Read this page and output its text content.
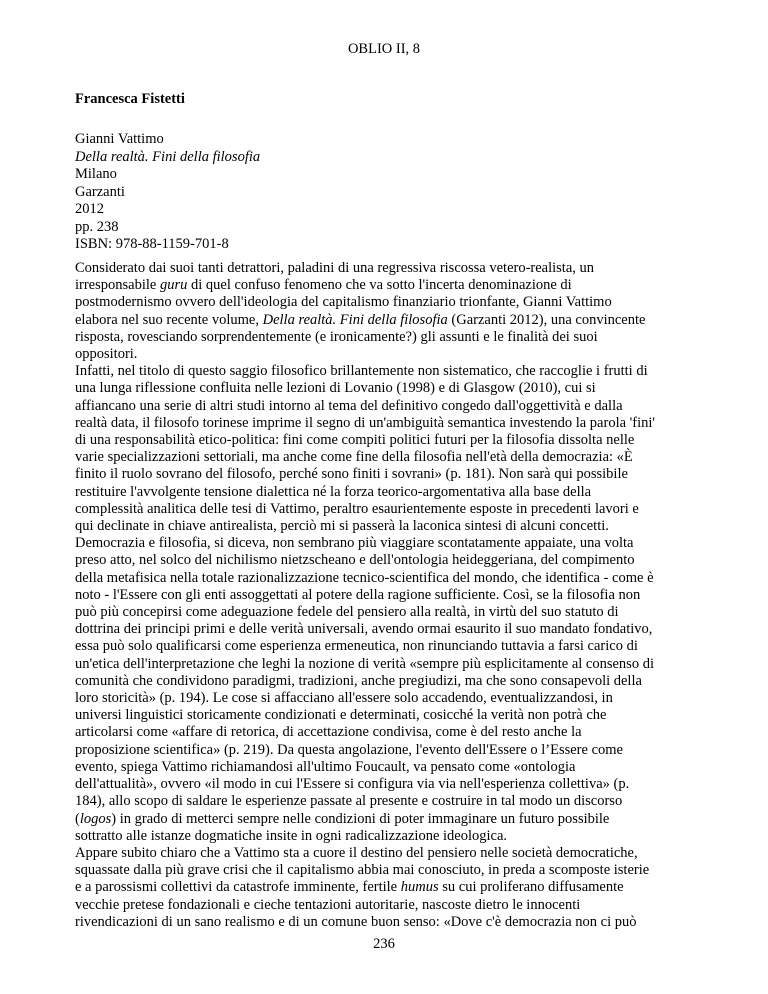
OBLIO II, 8
Francesca Fistetti
Gianni Vattimo
Della realtà. Fini della filosofia
Milano
Garzanti
2012
pp. 238
ISBN: 978-88-1159-701-8
Considerato dai suoi tanti detrattori, paladini di una regressiva riscossa vetero-realista, un
irresponsabile guru di quel confuso fenomeno che va sotto l'incerta denominazione di
postmodernismo ovvero dell'ideologia del capitalismo finanziario trionfante, Gianni Vattimo
elabora nel suo recente volume, Della realtà. Fini della filosofia (Garzanti 2012), una convincente
risposta, rovesciando sorprendentemente (e ironicamente?) gli assunti e le finalità dei suoi
oppositori.
Infatti, nel titolo di questo saggio filosofico brillantemente non sistematico, che raccoglie i frutti di
una lunga riflessione confluita nelle lezioni di Lovanio (1998) e di Glasgow (2010), cui si
affiancano una serie di altri studi intorno al tema del definitivo congedo dall'oggettività e dalla
realtà data, il filosofo torinese imprime il segno di un'ambiguità semantica investendo la parola 'fini'
di una responsabilità etico-politica: fini come compiti politici futuri per la filosofia dissolta nelle
varie specializzazioni settoriali, ma anche come fine della filosofia nell'età della democrazia: «È
finito il ruolo sovrano del filosofo, perché sono finiti i sovrani» (p. 181). Non sarà qui possibile
restituire l'avvolgente tensione dialettica né la forza teorico-argomentativa alla base della
complessità analitica delle tesi di Vattimo, peraltro esaurientemente esposte in precedenti lavori e
qui declinate in chiave antirealista, perciò mi si passerà la laconica sintesi di alcuni concetti.
Democrazia e filosofia, si diceva, non sembrano più viaggiare scontatamente appaiate, una volta
preso atto, nel solco del nichilismo nietzscheano e dell'ontologia heideggeriana, del compimento
della metafisica nella totale razionalizzazione tecnico-scientifica del mondo, che identifica - come è
noto - l'Essere con gli enti assoggettati al potere della ragione sufficiente. Così, se la filosofia non
può più concepirsi come adeguazione fedele del pensiero alla realtà, in virtù del suo statuto di
dottrina dei principi primi e delle verità universali, avendo ormai esaurito il suo mandato fondativo,
essa può solo qualificarsi come esperienza ermeneutica, non rinunciando tuttavia a farsi carico di
un'etica dell'interpretazione che leghi la nozione di verità «sempre più esplicitamente al consenso di
comunità che condividono paradigmi, tradizioni, anche pregiudizi, ma che sono consapevoli della
loro storicità» (p. 194). Le cose si affacciano all'essere solo accadendo, eventualizzandosi, in
universi linguistici storicamente condizionati e determinati, cosicché la verità non potrà che
articolarsi come «affare di retorica, di accettazione condivisa, come è del resto anche la
proposizione scientifica» (p. 219). Da questa angolazione, l'evento dell'Essere o l’Essere come
evento, spiega Vattimo richiamandosi all'ultimo Foucault, va pensato come «ontologia
dell'attualità», ovvero «il modo in cui l'Essere si configura via via nell'esperienza collettiva» (p.
184), allo scopo di saldare le esperienze passate al presente e costruire in tal modo un discorso
(logos) in grado di metterci sempre nelle condizioni di poter immaginare un futuro possibile
sottratto alle istanze dogmatiche insite in ogni radicalizzazione ideologica.
Appare subito chiaro che a Vattimo sta a cuore il destino del pensiero nelle società democratiche,
squassate dalla più grave crisi che il capitalismo abbia mai conosciuto, in preda a scomposte isterie
e a parossismi collettivi da catastrofe imminente, fertile humus su cui proliferano diffusamente
vecchie pretese fondazionali e cieche tentazioni autoritarie, nascoste dietro le innocenti
rivendicazioni di un sano realismo e di un comune buon senso: «Dove c'è democrazia non ci può
236
